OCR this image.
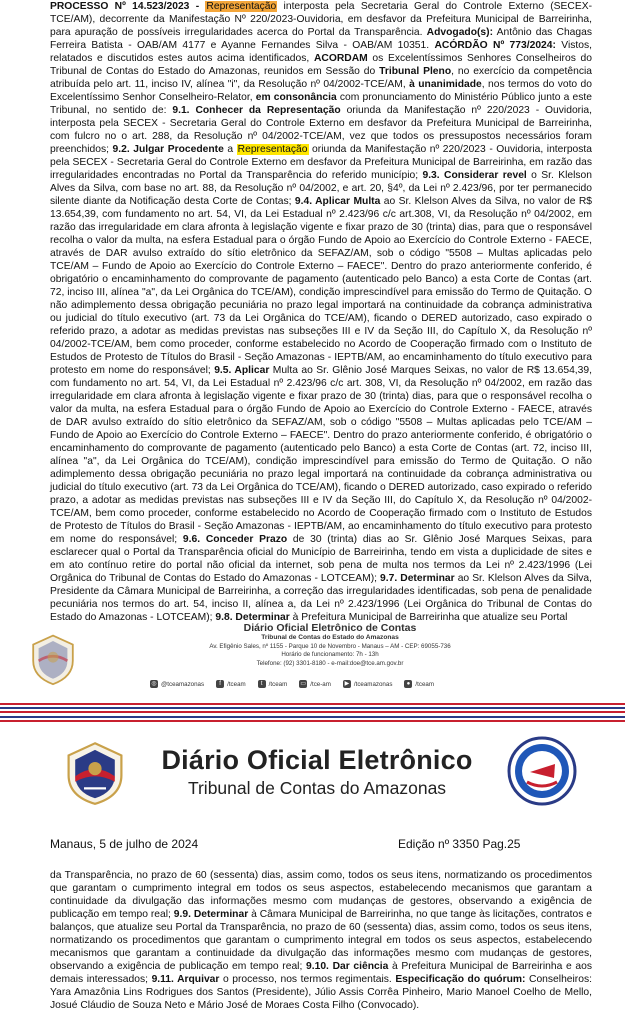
PROCESSO Nº 14.523/2023 - Representação interposta pela Secretaria Geral do Controle Externo (SECEX-TCE/AM), decorrente da Manifestação Nº 220/2023-Ouvidoria, em desfavor da Prefeitura Municipal de Barreirinha, para apuração de possíveis irregularidades acerca do Portal da Transparência. Advogado(s): Antônio das Chagas Ferreira Batista - OAB/AM 4177 e Ayanne Fernandes Silva - OAB/AM 10351. ACÓRDÃO Nº 773/2024: Vistos, relatados e discutidos estes autos acima identificados, ACORDAM os Excelentíssimos Senhores Conselheiros do Tribunal de Contas do Estado do Amazonas, reunidos em Sessão do Tribunal Pleno, no exercício da competência atribuída pelo art. 11, inciso IV, alínea "i", da Resolução nº 04/2002-TCE/AM, à unanimidade, nos termos do voto do Excelentíssimo Senhor Conselheiro-Relator, em consonância com pronunciamento do Ministério Público junto a este Tribunal, no sentido de: 9.1. Conhecer da Representação oriunda da Manifestação nº 220/2023 - Ouvidoria, interposta pela SECEX - Secretaria Geral do Controle Externo em desfavor da Prefeitura Municipal de Barreirinha, com fulcro no o art. 288, da Resolução nº 04/2002-TCE/AM, vez que todos os pressupostos necessários foram preenchidos; 9.2. Julgar Procedente a Representação oriunda da Manifestação nº 220/2023 - Ouvidoria, interposta pela SECEX - Secretaria Geral do Controle Externo em desfavor da Prefeitura Municipal de Barreirinha, em razão das irregularidades encontradas no Portal da Transparência do referido município; 9.3. Considerar revel o Sr. Klelson Alves da Silva, com base no art. 88, da Resolução nº 04/2002, e art. 20, §4º, da Lei nº 2.423/96, por ter permanecido silente diante da Notificação desta Corte de Contas; 9.4. Aplicar Multa ao Sr. Klelson Alves da Silva, no valor de R$ 13.654,39, com fundamento no art. 54, VI, da Lei Estadual nº 2.423/96 c/c art.308, VI, da Resolução nº 04/2002, em razão das irregularidade em clara afronta à legislação vigente e fixar prazo de 30 (trinta) dias, para que o responsável recolha o valor da multa, na esfera Estadual para o órgão Fundo de Apoio ao Exercício do Controle Externo - FAECE, através de DAR avulso extraído do sítio eletrônico da SEFAZ/AM, sob o código "5508 – Multas aplicadas pelo TCE/AM – Fundo de Apoio ao Exercício do Controle Externo – FAECE". Dentro do prazo anteriormente conferido, é obrigatório o encaminhamento do comprovante de pagamento (autenticado pelo Banco) a esta Corte de Contas (art. 72, inciso III, alínea "a", da Lei Orgânica do TCE/AM), condição imprescindível para emissão do Termo de Quitação. O não adimplemento dessa obrigação pecuniária no prazo legal importará na continuidade da cobrança administrativa ou judicial do título executivo (art. 73 da Lei Orgânica do TCE/AM), ficando o DERED autorizado, caso expirado o referido prazo, a adotar as medidas previstas nas subseções III e IV da Seção III, do Capítulo X, da Resolução nº 04/2002-TCE/AM, bem como proceder, conforme estabelecido no Acordo de Cooperação firmado com o Instituto de Estudos de Protesto de Títulos do Brasil - Seção Amazonas - IEPTB/AM, ao encaminhamento do título executivo para protesto em nome do responsável; 9.5. Aplicar Multa ao Sr. Glênio José Marques Seixas, no valor de R$ 13.654,39, com fundamento no art. 54, VI, da Lei Estadual nº 2.423/96 c/c art. 308, VI, da Resolução nº 04/2002, em razão das irregularidade em clara afronta à legislação vigente e fixar prazo de 30 (trinta) dias, para que o responsável recolha o valor da multa, na esfera Estadual para o órgão Fundo de Apoio ao Exercício do Controle Externo - FAECE, através de DAR avulso extraído do sítio eletrônico da SEFAZ/AM, sob o código "5508 – Multas aplicadas pelo TCE/AM – Fundo de Apoio ao Exercício do Controle Externo – FAECE". Dentro do prazo anteriormente conferido, é obrigatório o encaminhamento do comprovante de pagamento (autenticado pelo Banco) a esta Corte de Contas (art. 72, inciso III, alínea "a", da Lei Orgânica do TCE/AM), condição imprescindível para emissão do Termo de Quitação. O não adimplemento dessa obrigação pecuniária no prazo legal importará na continuidade da cobrança administrativa ou judicial do título executivo (art. 73 da Lei Orgânica do TCE/AM), ficando o DERED autorizado, caso expirado o referido prazo, a adotar as medidas previstas nas subseções III e IV da Seção III, do Capítulo X, da Resolução nº 04/2002-TCE/AM, bem como proceder, conforme estabelecido no Acordo de Cooperação firmado com o Instituto de Estudos de Protesto de Títulos do Brasil - Seção Amazonas - IEPTB/AM, ao encaminhamento do título executivo para protesto em nome do responsável; 9.6. Conceder Prazo de 30 (trinta) dias ao Sr. Glênio José Marques Seixas, para esclarecer qual o Portal da Transparência oficial do Município de Barreirinha, tendo em vista a duplicidade de sites e em ato contínuo retire do portal não oficial da internet, sob pena de multa nos termos da Lei nº 2.423/1996 (Lei Orgânica do Tribunal de Contas do Estado do Amazonas - LOTCEAM); 9.7. Determinar ao Sr. Klelson Alves da Silva, Presidente da Câmara Municipal de Barreirinha, a correção das irregularidades identificadas, sob pena de penalidade pecuniária nos termos do art. 54, inciso II, alínea a, da Lei nº 2.423/1996 (Lei Orgânica do Tribunal de Contas do Estado do Amazonas - LOTCEAM); 9.8. Determinar à Prefeitura Municipal de Barreirinha que atualize seu Portal

Diário Oficial Eletrônico de Contas
Tribunal de Contas do Estado do Amazonas
Av. Efigênio Sales, nº 1155 - Parque 10 de Novembro - Manaus – AM - CEP: 69055-736
Horário de funcionamento: 7h - 13h
Telefone: (92) 3301-8180 - e-mail:doe@tce.am.gov.br
◎ @tceamazonas	f /tceam	t /tceam ▭ /tce-am ▶ /tceamazonas	● /tceam
Diário Oficial Eletrônico
Tribunal de Contas do Amazonas
Manaus, 5 de julho de 2024	Edição nº 3350 Pag.25

da Transparência, no prazo de 60 (sessenta) dias, assim como, todos os seus itens, normatizando os procedimentos que garantam o cumprimento integral em todos os seus aspectos, estabelecendo mecanismos que garantam a continuidade da divulgação das informações mesmo com mudanças de gestores, observando a exigência de publicação em tempo real; 9.9. Determinar à Câmara Municipal de Barreirinha, no que tange às licitações, contratos e balanços, que atualize seu Portal da Transparência, no prazo de 60 (sessenta) dias, assim como, todos os seus itens, normatizando os procedimentos que garantam o cumprimento integral em todos os seus aspectos, estabelecendo mecanismos que garantam a continuidade da divulgação das informações mesmo com mudanças de gestores, observando a exigência de publicação em tempo real; 9.10. Dar ciência à Prefeitura Municipal de Barreirinha e aos demais interessados; 9.11. Arquivar o processo, nos termos regimentais. Especificação do quórum: Conselheiros: Yara Amazônia Lins Rodrigues dos Santos (Presidente), Júlio Assis Corrêa Pinheiro, Mario Manoel Coelho de Mello, Josué Cláudio de Souza Neto e Mário José de Moraes Costa Filho (Convocado).
